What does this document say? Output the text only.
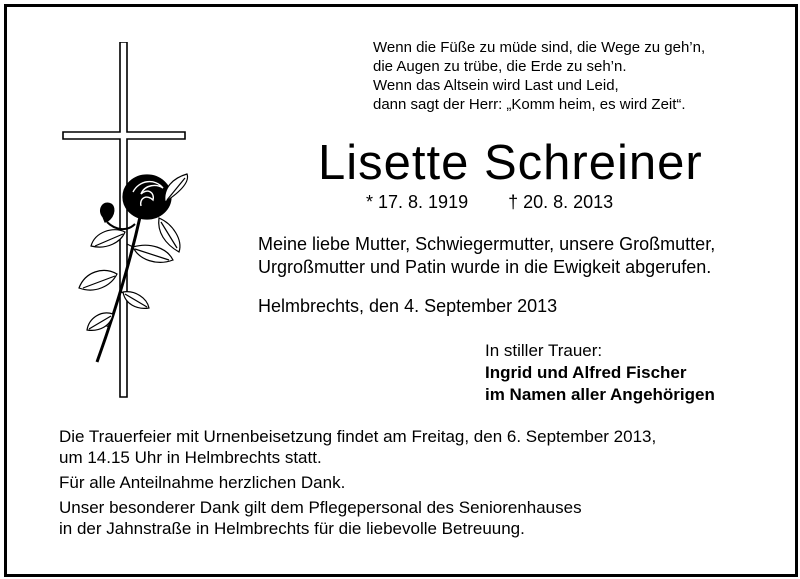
Wenn die Füße zu müde sind, die Wege zu geh’n,
die Augen zu trübe, die Erde zu seh’n.
Wenn das Altsein wird Last und Leid,
dann sagt der Herr: „Komm heim, es wird Zeit“.
Lisette Schreiner
* 17. 8. 1919 † 20. 8. 2013
Meine liebe Mutter, Schwiegermutter, unsere Großmutter,
Urgroßmutter und Patin wurde in die Ewigkeit abgerufen.
Helmbrechts, den 4. September 2013
In stiller Trauer:
Ingrid und Alfred Fischer
im Namen aller Angehörigen
Die Trauerfeier mit Urnenbeisetzung findet am Freitag, den 6. September 2013,
um 14.15 Uhr in Helmbrechts statt.
Für alle Anteilnahme herzlichen Dank.
Unser besonderer Dank gilt dem Pflegepersonal des Seniorenhauses
in der Jahnstraße in Helmbrechts für die liebevolle Betreuung.
